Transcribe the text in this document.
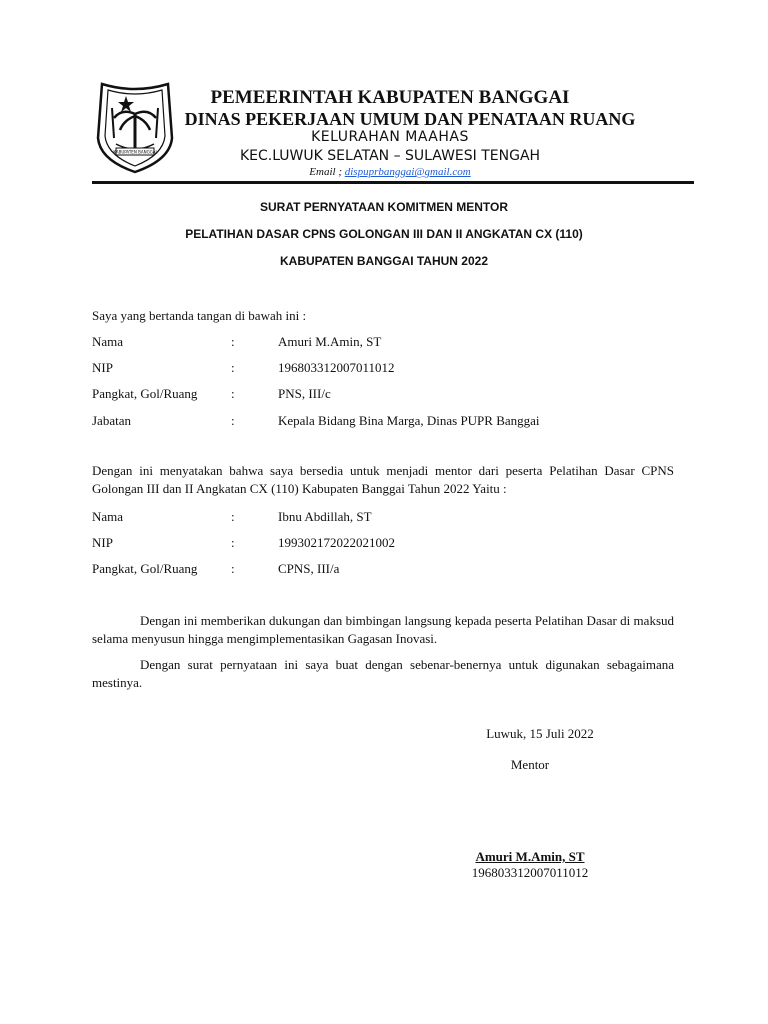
KABUPATEN BANGGAI
PEMEERINTAH KABUPATEN BANGGAI
DINAS PEKERJAAN UMUM DAN PENATAAN RUANG
KELURAHAN MAAHAS
KEC.LUWUK SELATAN – SULAWESI TENGAH
Email ; dispuprbanggai@gmail.com
SURAT PERNYATAAN KOMITMEN MENTOR
PELATIHAN DASAR CPNS GOLONGAN III DAN II ANGKATAN CX (110)
KABUPATEN BANGGAI TAHUN 2022
Saya yang bertanda tangan di bawah ini :
Nama	:	Amuri M.Amin, ST
NIP	:	196803312007011012
Pangkat, Gol/Ruang	:	PNS, III/c
Jabatan	:	Kepala Bidang Bina Marga, Dinas PUPR Banggai
Dengan ini menyatakan bahwa saya bersedia untuk menjadi mentor dari peserta Pelatihan Dasar CPNS Golongan III dan II Angkatan CX (110) Kabupaten Banggai Tahun 2022 Yaitu :
Nama	:	Ibnu Abdillah, ST
NIP	:	199302172022021002
Pangkat, Gol/Ruang	:	CPNS, III/a
Dengan ini memberikan dukungan dan bimbingan langsung kepada peserta Pelatihan Dasar di maksud selama menyusun hingga mengimplementasikan Gagasan Inovasi.
Dengan surat pernyataan ini saya buat dengan sebenar-benernya untuk digunakan sebagaimana mestinya.
Luwuk, 15 Juli 2022
Mentor
Amuri M.Amin, ST
196803312007011012
